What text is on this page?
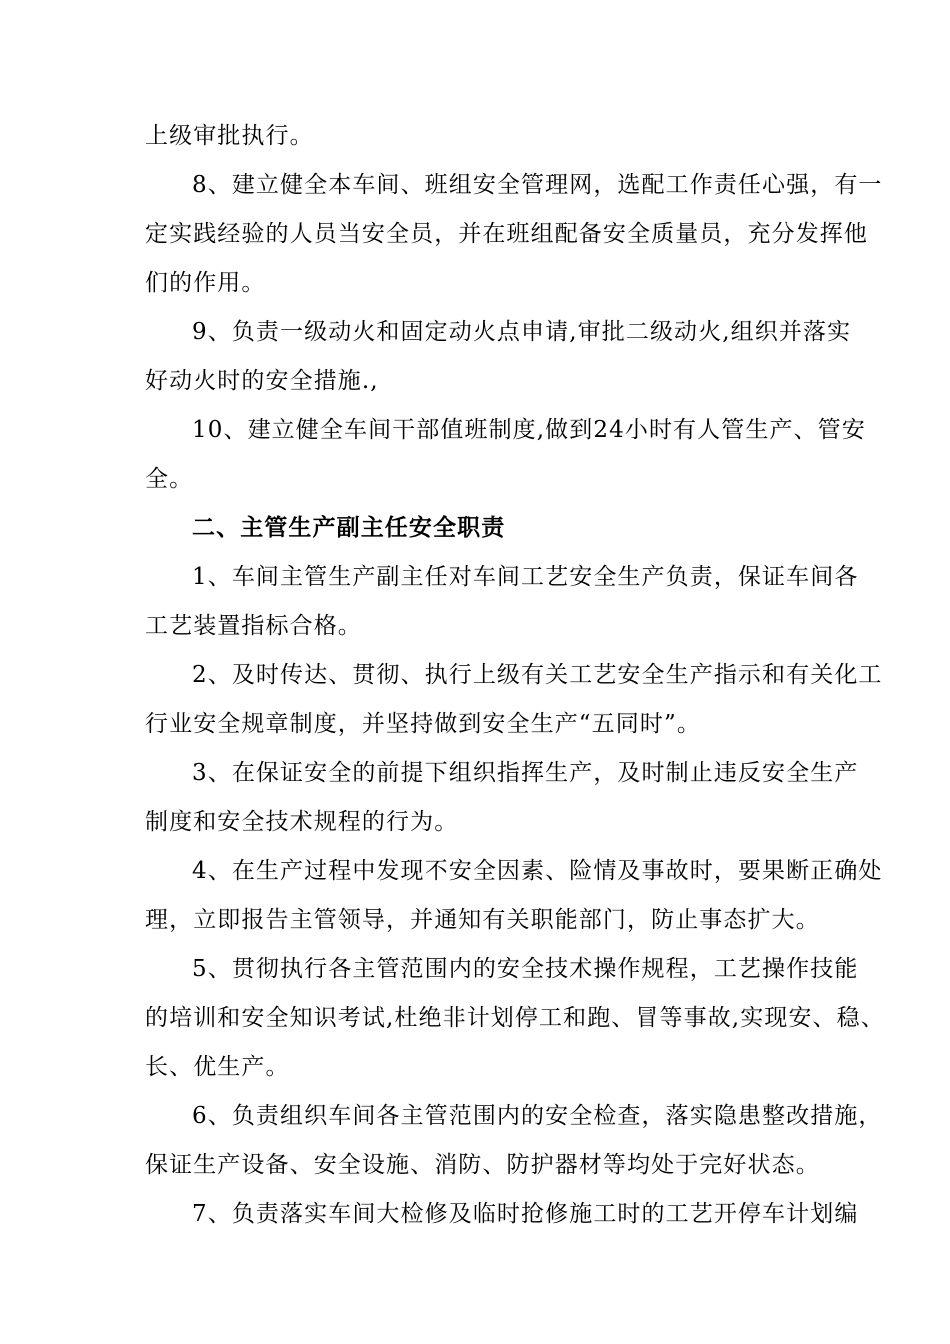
上级审批执行。
8、建立健全本车间、班组安全管理网，选配工作责任心强，有一
定实践经验的人员当安全员，并在班组配备安全质量员，充分发挥他
们的作用。
9、负责一级动火和固定动火点申请,审批二级动火,组织并落实
好动火时的安全措施.,
10、建立健全车间干部值班制度,做到24小时有人管生产、管安
全。
二、主管生产副主任安全职责
1、车间主管生产副主任对车间工艺安全生产负责，保证车间各
工艺装置指标合格。
2、及时传达、贯彻、执行上级有关工艺安全生产指示和有关化工
行业安全规章制度，并坚持做到安全生产“五同时”。
3、在保证安全的前提下组织指挥生产，及时制止违反安全生产
制度和安全技术规程的行为。
4、在生产过程中发现不安全因素、险情及事故时，要果断正确处
理，立即报告主管领导，并通知有关职能部门，防止事态扩大。
5、贯彻执行各主管范围内的安全技术操作规程，工艺操作技能
的培训和安全知识考试,杜绝非计划停工和跑、冒等事故,实现安、稳、
长、优生产。
6、负责组织车间各主管范围内的安全检查，落实隐患整改措施，
保证生产设备、安全设施、消防、防护器材等均处于完好状态。
7、负责落实车间大检修及临时抢修施工时的工艺开停车计划编
